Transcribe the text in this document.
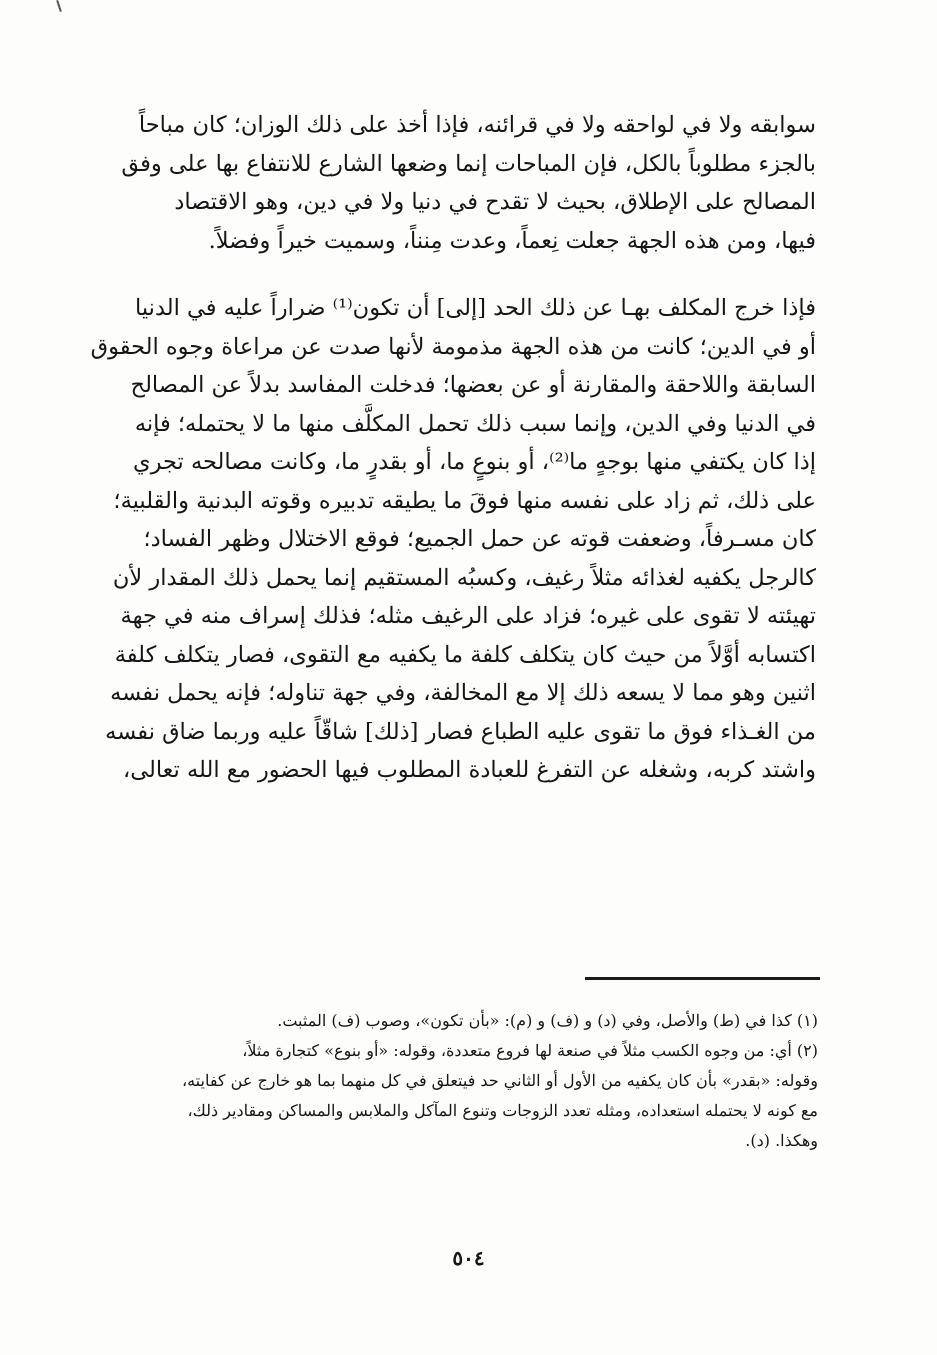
سوابقه ولا في لواحقه ولا في قرائنه، فإذا أخذ على ذلك الوزان؛ كان مباحاً
بالجزء مطلوباً بالكل، فإن المباحات إنما وضعها الشارع للانتفاع بها على وفق
المصالح على الإطلاق، بحيث لا تقدح في دنيا ولا في دين، وهو الاقتصاد
فيها، ومن هذه الجهة جعلت نِعماً، وعدت مِنناً، وسميت خيراً وفضلاً.

فإذا خرج المكلف بهـا عن ذلك الحد [إلى] أن تكون⁽¹⁾ ضراراً عليه في الدنيا
أو في الدين؛ كانت من هذه الجهة مذمومة لأنها صدت عن مراعاة وجوه الحقوق
السابقة واللاحقة والمقارنة أو عن بعضها؛ فدخلت المفاسد بدلاً عن المصالح
في الدنيا وفي الدين، وإنما سبب ذلك تحمل المكلَّف منها ما لا يحتمله؛ فإنه
إذا كان يكتفي منها بوجهٍ ما⁽²⁾، أو بنوعٍ ما، أو بقدرٍ ما، وكانت مصالحه تجري
على ذلك، ثم زاد على نفسه منها فوقَ ما يطيقه تدبيره وقوته البدنية والقلبية؛
كان مسـرفاً، وضعفت قوته عن حمل الجميع؛ فوقع الاختلال وظهر الفساد؛
كالرجل يكفيه لغذائه مثلاً رغيف، وكسبُه المستقيم إنما يحمل ذلك المقدار لأن
تهيئته لا تقوى على غيره؛ فزاد على الرغيف مثله؛ فذلك إسراف منه في جهة
اكتسابه أوَّلاً من حيث كان يتكلف كلفة ما يكفيه مع التقوى، فصار يتكلف كلفة
اثنين وهو مما لا يسعه ذلك إلا مع المخالفة، وفي جهة تناوله؛ فإنه يحمل نفسه
من الغـذاء فوق ما تقوى عليه الطباع فصار [ذلك] شاقّاً عليه وربما ضاق نفسه
واشتد كربه، وشغله عن التفرغ للعبادة المطلوب فيها الحضور مع الله تعالى،

(١) كذا في (ط) والأصل، وفي (د) و (ف) و (م): «بأن تكون»، وصوب (ف) المثبت.
(٢) أي: من وجوه الكسب مثلاً في صنعة لها فروع متعددة، وقوله: «أو بنوع» كتجارة مثلاً،
وقوله: «بقدر» بأن كان يكفيه من الأول أو الثاني حد فيتعلق في كل منهما بما هو خارج عن كفايته،
مع كونه لا يحتمله استعداده، ومثله تعدد الزوجات وتنوع المآكل والملابس والمساكن ومقادير ذلك،
وهكذا. (د).
٥٠٤
